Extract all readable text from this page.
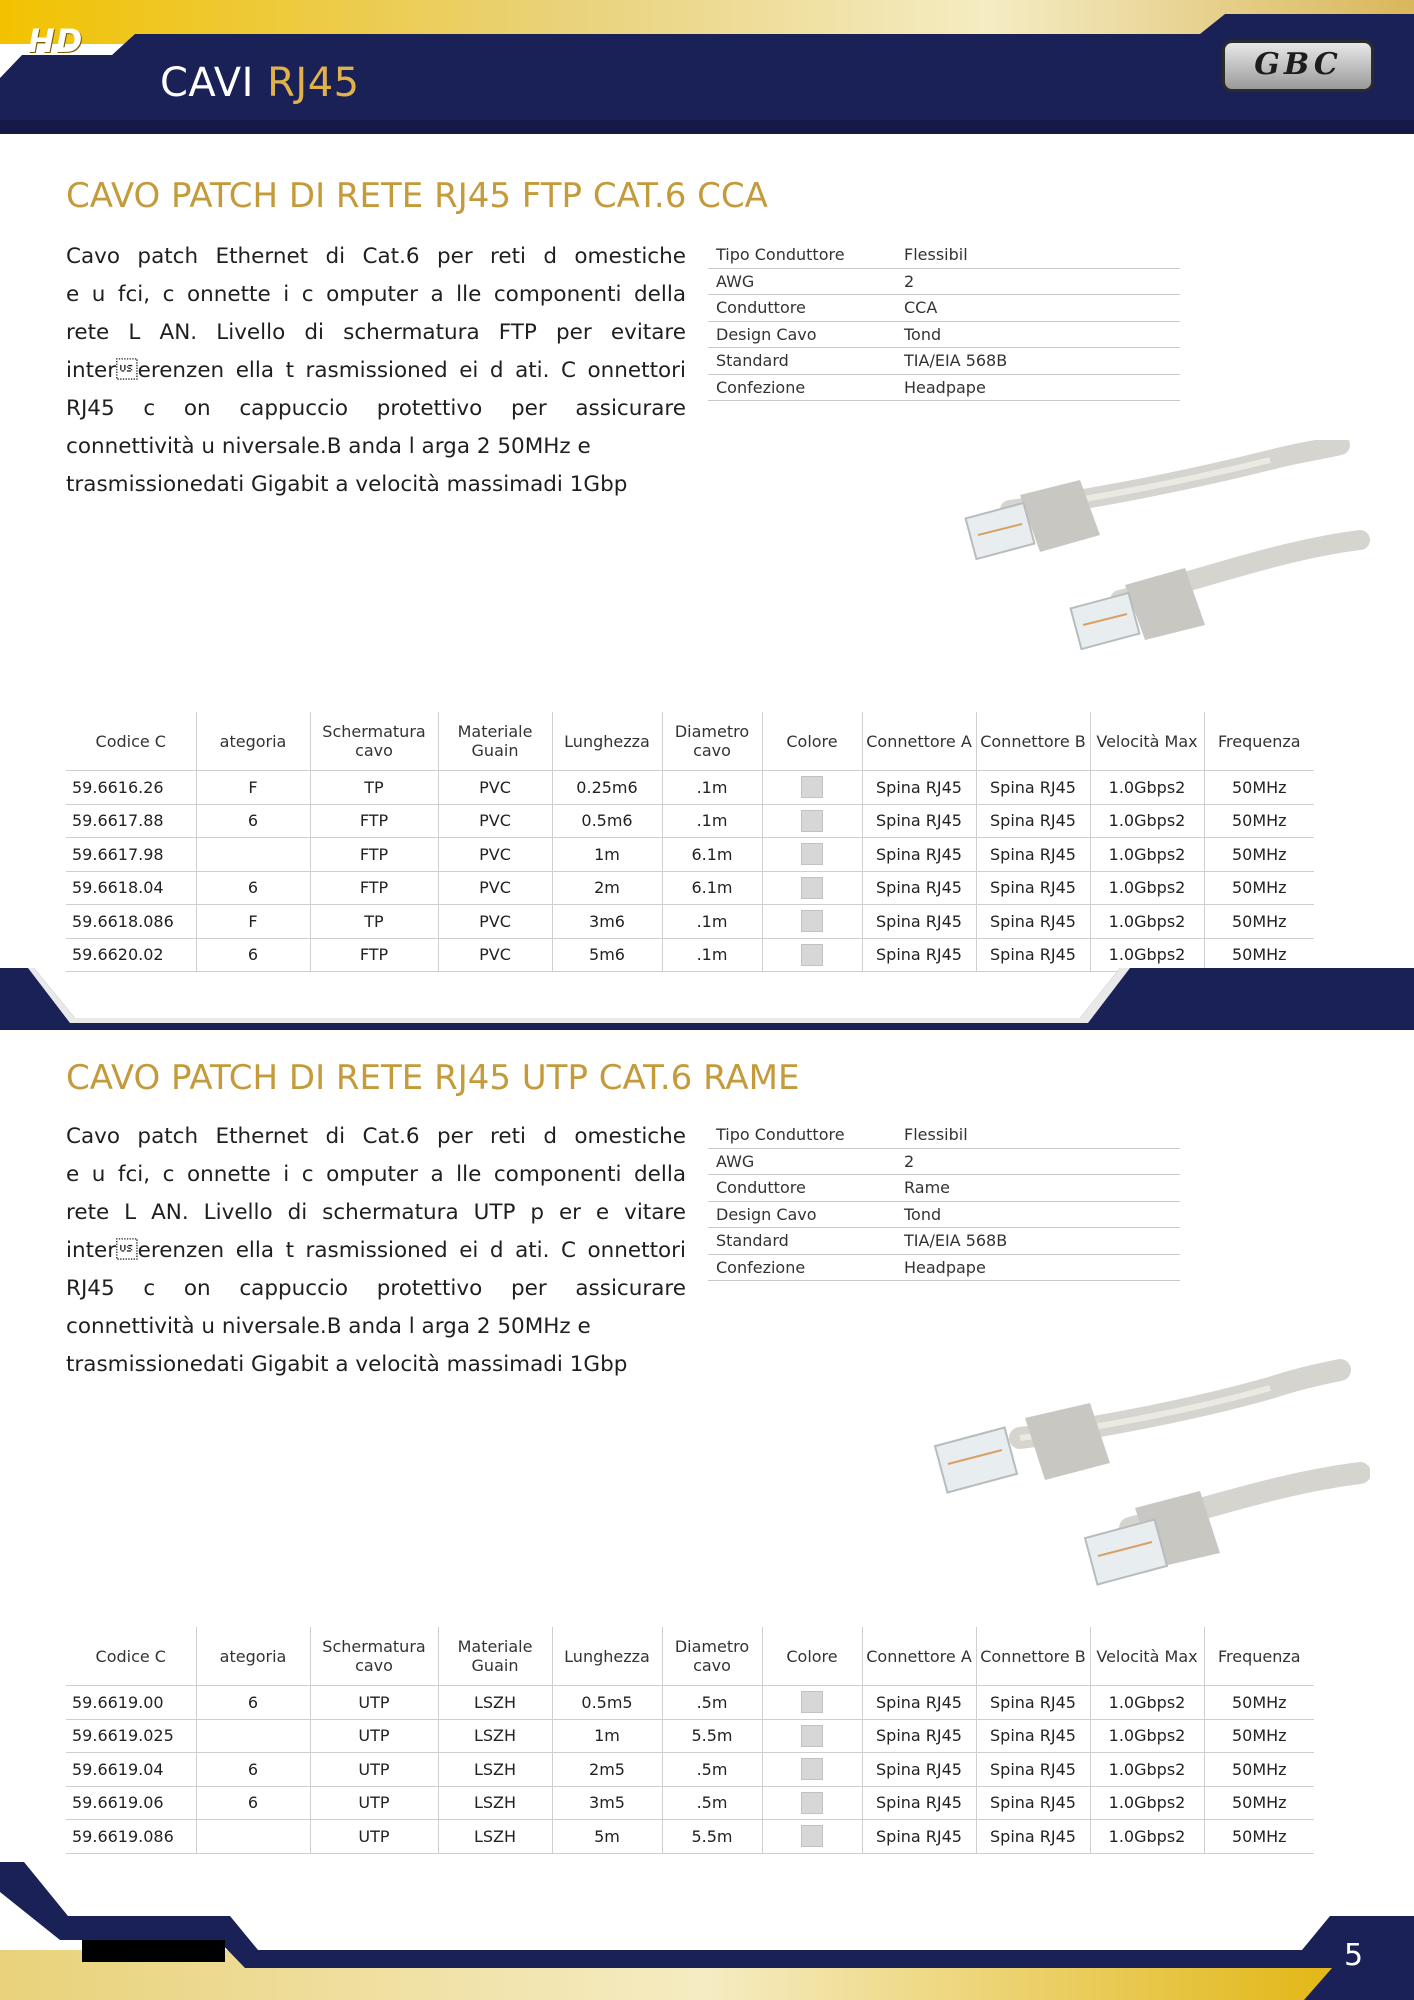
HD
CAVI RJ45	GBC
CAVO PATCH DI RETE RJ45 FTP CAT.6 CCA
Cavo patch Ethernet di Cat.6 per reti d omestiche
e u fci, c onnette i c omputer a lle componenti della
rete L AN. Livello di schermatura FTP per evitare
intererenzen ella t rasmissioned ei d ati. C onnettori
RJ45 c on cappuccio protettivo per assicurare
connettività u niversale.B anda l arga 2 50MHz e
trasmissionedati Gigabit a velocità massimadi 1Gbp
Tipo Conduttore	Flessibil
AWG	2
Conduttore	CCA
Design Cavo	Tond
Standard	TIA/EIA 568B
Confezione	Headpape
Codice C	ategoria	Schermatura cavo	Materiale Guain	Lunghezza	Diametro cavo	Colore	Connettore A	Connettore B	Velocità Max	Frequenza
59.6616.26	F	TP	PVC	0.25m6	.1m		Spina RJ45	Spina RJ45	1.0Gbps2	50MHz
59.6617.88	6	FTP	PVC	0.5m6	.1m		Spina RJ45	Spina RJ45	1.0Gbps2	50MHz
59.6617.98		FTP	PVC	1m	6.1m		Spina RJ45	Spina RJ45	1.0Gbps2	50MHz
59.6618.04	6	FTP	PVC	2m	6.1m		Spina RJ45	Spina RJ45	1.0Gbps2	50MHz
59.6618.086	F	TP	PVC	3m6	.1m		Spina RJ45	Spina RJ45	1.0Gbps2	50MHz
59.6620.02	6	FTP	PVC	5m6	.1m		Spina RJ45	Spina RJ45	1.0Gbps2	50MHz
CAVO PATCH DI RETE RJ45 UTP CAT.6 RAME
Cavo patch Ethernet di Cat.6 per reti d omestiche
e u fci, c onnette i c omputer a lle componenti della
rete L AN. Livello di schermatura UTP p er e vitare
intererenzen ella t rasmissioned ei d ati. C onnettori
RJ45 c on cappuccio protettivo per assicurare
connettività u niversale.B anda l arga 2 50MHz e
trasmissionedati Gigabit a velocità massimadi 1Gbp
Tipo Conduttore	Flessibil
AWG	2
Conduttore	Rame
Design Cavo	Tond
Standard	TIA/EIA 568B
Confezione	Headpape
Codice C	ategoria	Schermatura cavo	Materiale Guain	Lunghezza	Diametro cavo	Colore	Connettore A	Connettore B	Velocità Max	Frequenza
59.6619.00	6	UTP	LSZH	0.5m5	.5m		Spina RJ45	Spina RJ45	1.0Gbps2	50MHz
59.6619.025		UTP	LSZH	1m	5.5m		Spina RJ45	Spina RJ45	1.0Gbps2	50MHz
59.6619.04	6	UTP	LSZH	2m5	.5m		Spina RJ45	Spina RJ45	1.0Gbps2	50MHz
59.6619.06	6	UTP	LSZH	3m5	.5m		Spina RJ45	Spina RJ45	1.0Gbps2	50MHz
59.6619.086		UTP	LSZH	5m	5.5m		Spina RJ45	Spina RJ45	1.0Gbps2	50MHz
5
